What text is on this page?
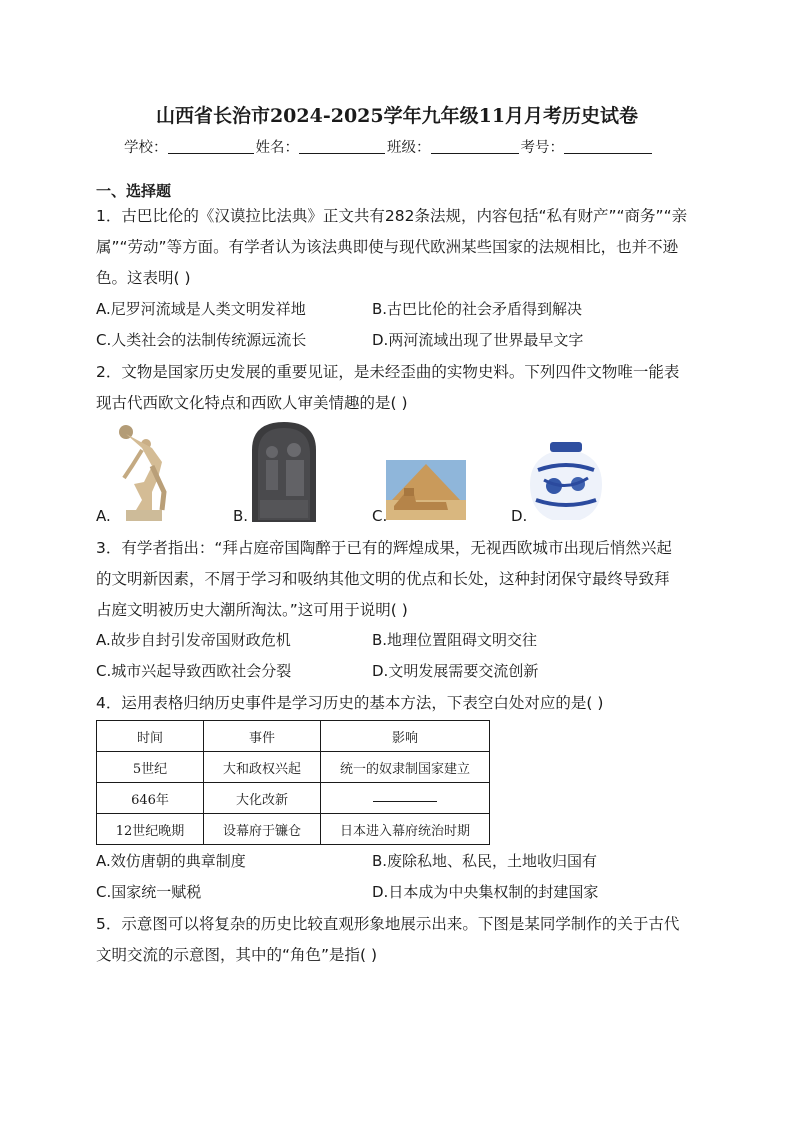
山西省长治市2024-2025学年九年级11月月考历史试卷
学校：	姓名：	班级：	考号：
一、选择题
1．古巴比伦的《汉谟拉比法典》正文共有282条法规，内容包括“私有财产”“商务”“亲
属”“劳动”等方面。有学者认为该法典即使与现代欧洲某些国家的法规相比，也并不逊
色。这表明( )
A.尼罗河流域是人类文明发祥地	B.古巴比伦的社会矛盾得到解决
C.人类社会的法制传统源远流长	D.两河流域出现了世界最早文字
2．文物是国家历史发展的重要见证，是未经歪曲的实物史料。下列四件文物唯一能表
现古代西欧文化特点和西欧人审美情趣的是( )
A.	B.	C.	D.
3．有学者指出：“拜占庭帝国陶醉于已有的辉煌成果，无视西欧城市出现后悄然兴起
的文明新因素，不屑于学习和吸纳其他文明的优点和长处，这种封闭保守最终导致拜
占庭文明被历史大潮所淘汰。”这可用于说明( )
A.故步自封引发帝国财政危机	B.地理位置阻碍文明交往
C.城市兴起导致西欧社会分裂	D.文明发展需要交流创新
4．运用表格归纳历史事件是学习历史的基本方法，下表空白处对应的是( )
时间	事件	影响
5世纪	大和政权兴起	统一的奴隶制国家建立
646年	大化改新	
12世纪晚期	设幕府于镰仓	日本进入幕府统治时期
A.效仿唐朝的典章制度	B.废除私地、私民，土地收归国有
C.国家统一赋税	D.日本成为中央集权制的封建国家
5．示意图可以将复杂的历史比较直观形象地展示出来。下图是某同学制作的关于古代
文明交流的示意图，其中的“角色”是指( )
